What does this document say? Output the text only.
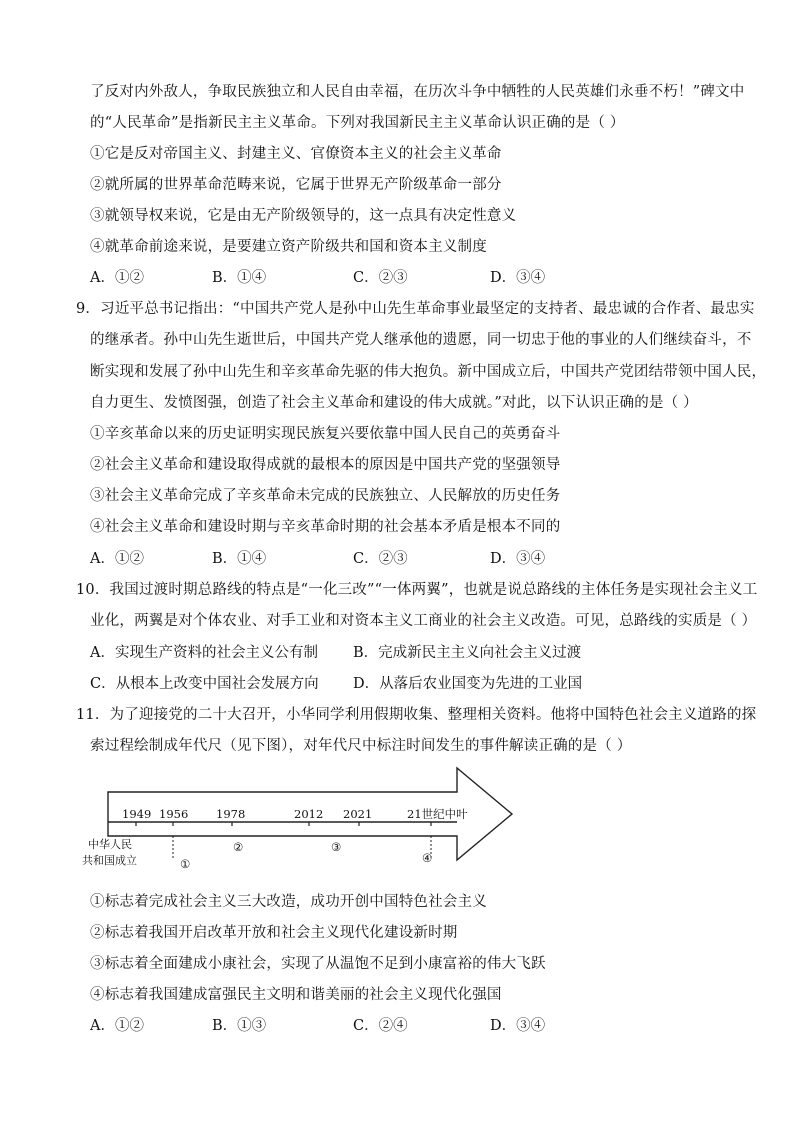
了反对内外敌人，争取民族独立和人民自由幸福，在历次斗争中牺牲的人民英雄们永垂不朽！”碑文中
的“人民革命”是指新民主主义革命。下列对我国新民主主义革命认识正确的是（ ）
①它是反对帝国主义、封建主义、官僚资本主义的社会主义革命
②就所属的世界革命范畴来说，它属于世界无产阶级革命一部分
③就领导权来说，它是由无产阶级领导的，这一点具有决定性意义
④就革命前途来说，是要建立资产阶级共和国和资本主义制度
A．①②	B．①④	C．②③	D．③④
9．习近平总书记指出：“中国共产党人是孙中山先生革命事业最坚定的支持者、最忠诚的合作者、最忠实
的继承者。孙中山先生逝世后，中国共产党人继承他的遗愿，同一切忠于他的事业的人们继续奋斗，不
断实现和发展了孙中山先生和辛亥革命先驱的伟大抱负。新中国成立后，中国共产党团结带领中国人民，
自力更生、发愤图强，创造了社会主义革命和建设的伟大成就。”对此，以下认识正确的是（ ）
①辛亥革命以来的历史证明实现民族复兴要依靠中国人民自己的英勇奋斗
②社会主义革命和建设取得成就的最根本的原因是中国共产党的坚强领导
③社会主义革命完成了辛亥革命未完成的民族独立、人民解放的历史任务
④社会主义革命和建设时期与辛亥革命时期的社会基本矛盾是根本不同的
A．①②	B．①④	C．②③	D．③④
10．我国过渡时期总路线的特点是“一化三改”“一体两翼”，也就是说总路线的主体任务是实现社会主义工
业化，两翼是对个体农业、对手工业和对资本主义工商业的社会主义改造。可见，总路线的实质是（ ）
A．实现生产资料的社会主义公有制 B．完成新民主主义向社会主义过渡
C．从根本上改变中国社会发展方向 D．从落后农业国变为先进的工业国
11．为了迎接党的二十大召开，小华同学利用假期收集、整理相关资料。他将中国特色社会主义道路的探
索过程绘制成年代尺（见下图），对年代尺中标注时间发生的事件解读正确的是（ ）
1949 1956 1978	2012 2021	21世纪中叶
中华人民
共和国成立	①
②	③
④
①标志着完成社会主义三大改造，成功开创中国特色社会主义
②标志着我国开启改革开放和社会主义现代化建设新时期
③标志着全面建成小康社会，实现了从温饱不足到小康富裕的伟大飞跃
④标志着我国建成富强民主文明和谐美丽的社会主义现代化强国
A．①②	B．①③	C．②④	D．③④
